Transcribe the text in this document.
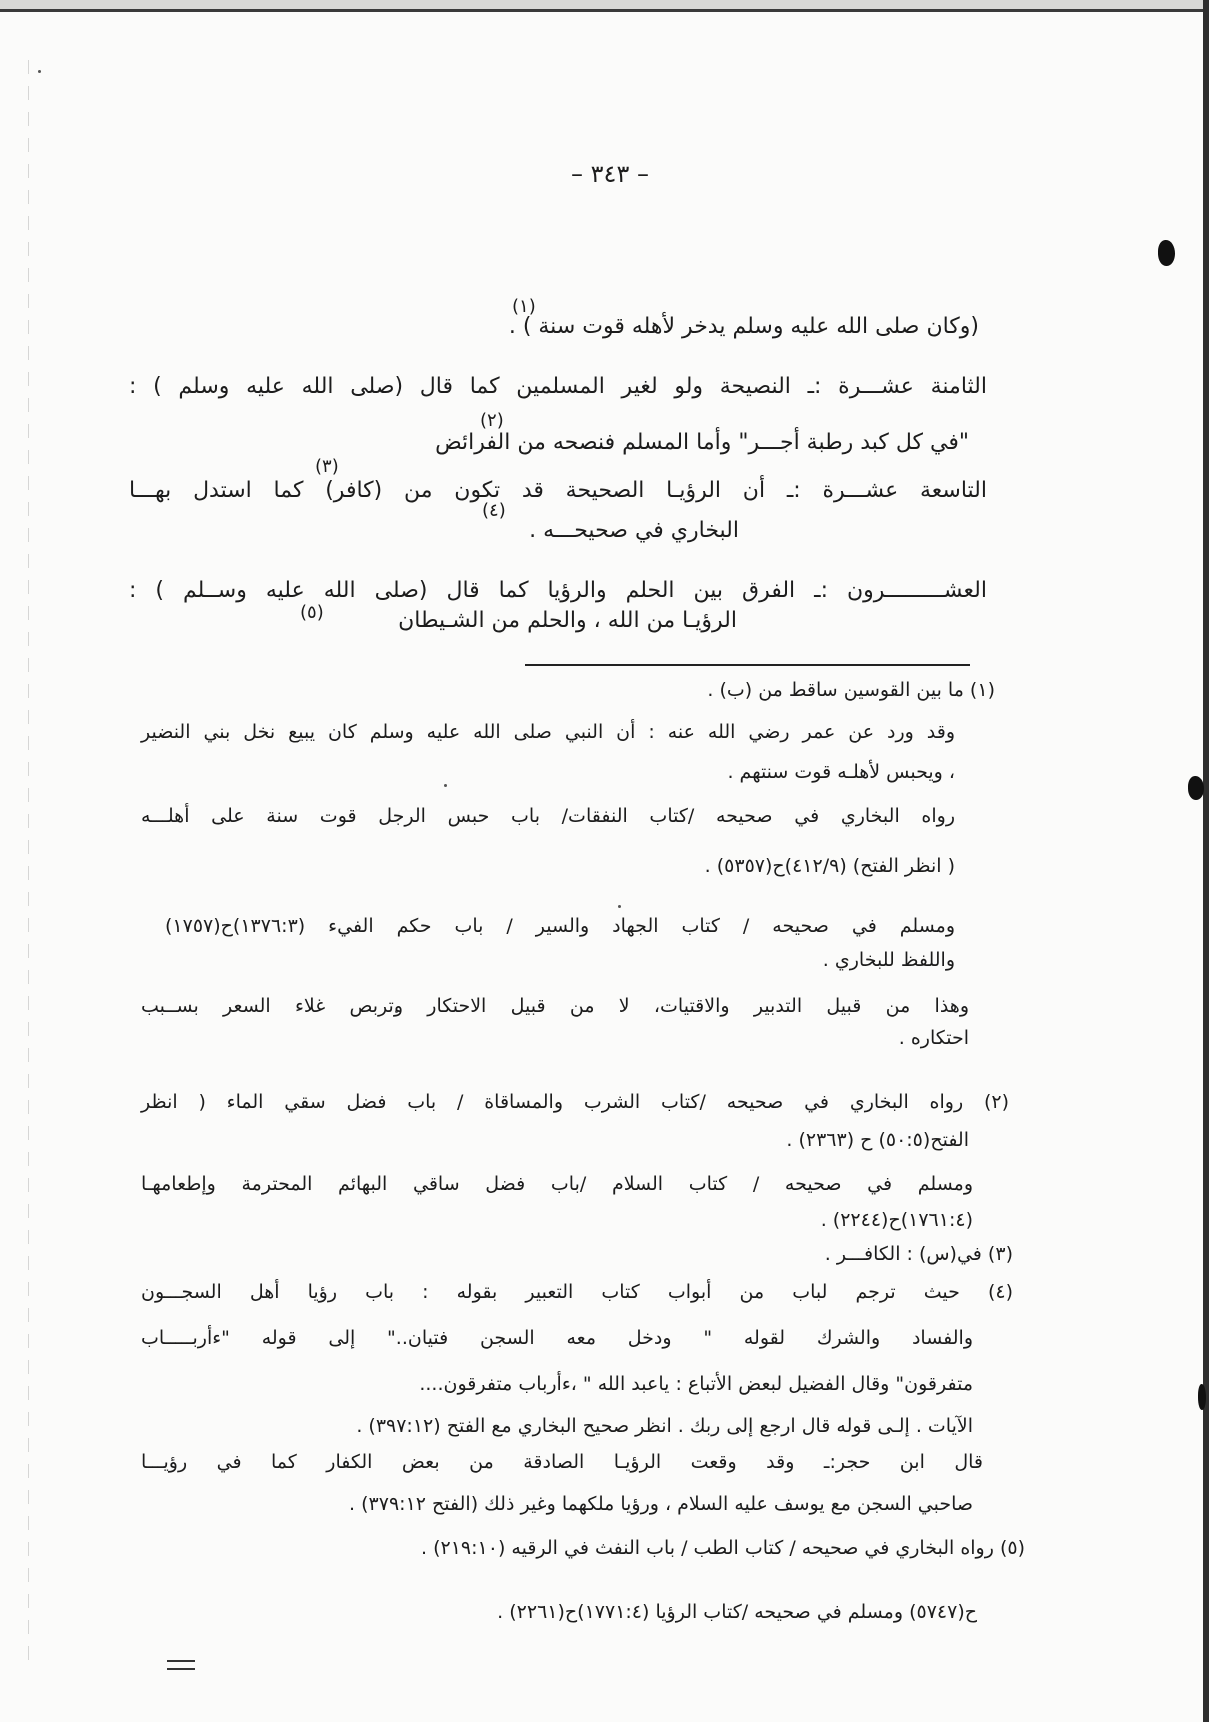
– ٣٤٣ –
(١)
(وكان صلى الله عليه وسلم يدخر لأهله قوت سنة ) .
الثامنة عشـــرة :ـ النصيحة ولو لغير المسلمين كما قال (صلى الله عليه وسلم ) :
(٢)
"في كل كبد رطبة أجـــر" وأما المسلم فنصحه من الفرائض
(٣)
التاسعة عشـــرة :ـ أن الرؤيـا الصحيحة قد تكون من (كافر) كما استدل بهـــا
(٤)
البخاري في صحيحـــه .
العشـــــــــرون :ـ الفرق بين الحلم والرؤيا كما قال (صلى الله عليه وســلم ) :
(٥)	الرؤيـا من الله ، والحلم من الشـيطان
(١) ما بين القوسين ساقط من (ب) .
وقد ورد عن عمر رضي الله عنه : أن النبي صلى الله عليه وسلم كان يبيع نخل بني النضير
، ويحبس لأهلـه قوت سنتهم .
رواه البخاري في صحيحه /كتاب النفقات/ باب حبس الرجل قوت سنة على أهلـــه
( انظر الفتح) (٤١٢/٩)ح(٥٣٥٧) .
ومسلم في صحيحه / كتاب الجهاد والسير / باب حكم الفيء (١٣٧٦:٣)ح(١٧٥٧)
واللفظ للبخاري .
وهذا من قبيل التدبير والاقتيات، لا من قبيل الاحتكار وتربص غلاء السعر بســبب
احتكاره .
(٢) رواه البخاري في صحيحه /كتاب الشرب والمساقاة / باب فضل سقي الماء ( انظر
الفتح(٥٠:٥) ح (٢٣٦٣) .
ومسلم في صحيحه / كتاب السلام /باب فضل ساقي البهائم المحترمة وإطعامهـا
(١٧٦١:٤)ح(٢٢٤٤) .
(٣) في(س) : الكافـــر .
(٤) حيث ترجم لباب من أبواب كتاب التعبير بقوله : باب رؤيا أهل السجـــون
والفساد والشرك لقوله " ودخل معه السجن فتيان.." إلى قوله "ءأربـــــاب
متفرقون" وقال الفضيل لبعض الأتباع : ياعبد الله " ،ءأرباب متفرقون....
الآيات . إلـى قوله قال ارجع إلى ربك . انظر صحيح البخاري مع الفتح (٣٩٧:١٢) .
قال ابن حجر:ـ وقد وقعت الرؤيـا الصادقة من بعض الكفار كما في رؤيـــا
صاحبي السجن مع يوسف عليه السلام ، ورؤيا ملكهما وغير ذلك (الفتح ٣٧٩:١٢) .
(٥) رواه البخاري في صحيحه / كتاب الطب / باب النفث في الرقيه (٢١٩:١٠) .
ح(٥٧٤٧) ومسلم في صحيحه /كتاب الرؤيا (١٧٧١:٤)ح(٢٢٦١) .
